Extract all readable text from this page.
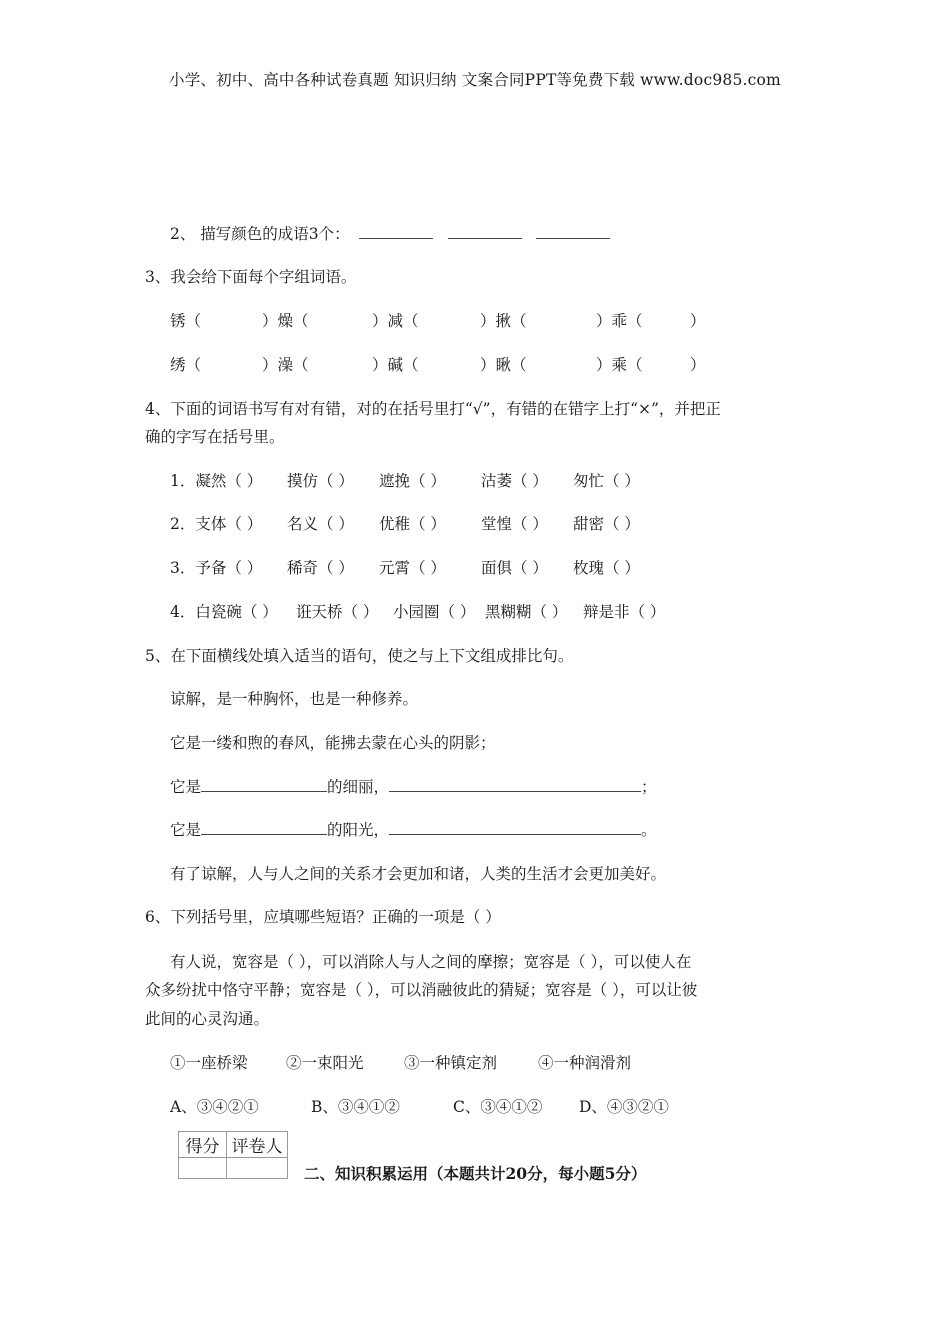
小学、初中、高中各种试卷真题 知识归纳 文案合同PPT等免费下载 www.doc985.com
2、 描写颜色的成语3个：
3、我会给下面每个字组词语。
锈（	）燥（	）减（	）揪（	）乖（	）
绣（	）澡（	）碱（	）瞅（	）乘（	）
4、下面的词语书写有对有错，对的在括号里打“√”，有错的在错字上打“×”，并把正
确的字写在括号里。
1．凝然（ ）	摸仿（ ）	遮挽（ ）	沽萎（ ）	匆忙（ ）
2．支体（ ）	名义（ ）	优稚（ ）	堂惶（ ）	甜密（ ）
3．予备（ ）	稀奇（ ）	元霄（ ）	面俱（ ）	枚瑰（ ）
4．白瓷碗（ ）	诳天桥（ ） 小园圈（ ） 黑糊糊（ ）	辩是非（ ）
5、在下面横线处填入适当的语句，使之与上下文组成排比句。
谅解，是一种胸怀，也是一种修养。
它是一缕和煦的春风，能拂去蒙在心头的阴影；
它是	的细丽，	；
它是	的阳光，	。
有了谅解，人与人之间的关系才会更加和诸，人类的生活才会更加美好。
6、下列括号里，应填哪些短语？正确的一项是（ ）
有人说，宽容是（ ），可以消除人与人之间的摩擦；宽容是（ ），可以使人在
众多纷扰中恪守平静；宽容是（ ），可以消融彼此的猜疑；宽容是（ ），可以让彼
此间的心灵沟通。
①一座桥梁	②一束阳光	③一种镇定剂	④一种润滑剂
A、③④②①	B、③④①②	C、③④①②	D、④③②①
得分	评卷人

二、知识积累运用（本题共计20分，每小题5分）
